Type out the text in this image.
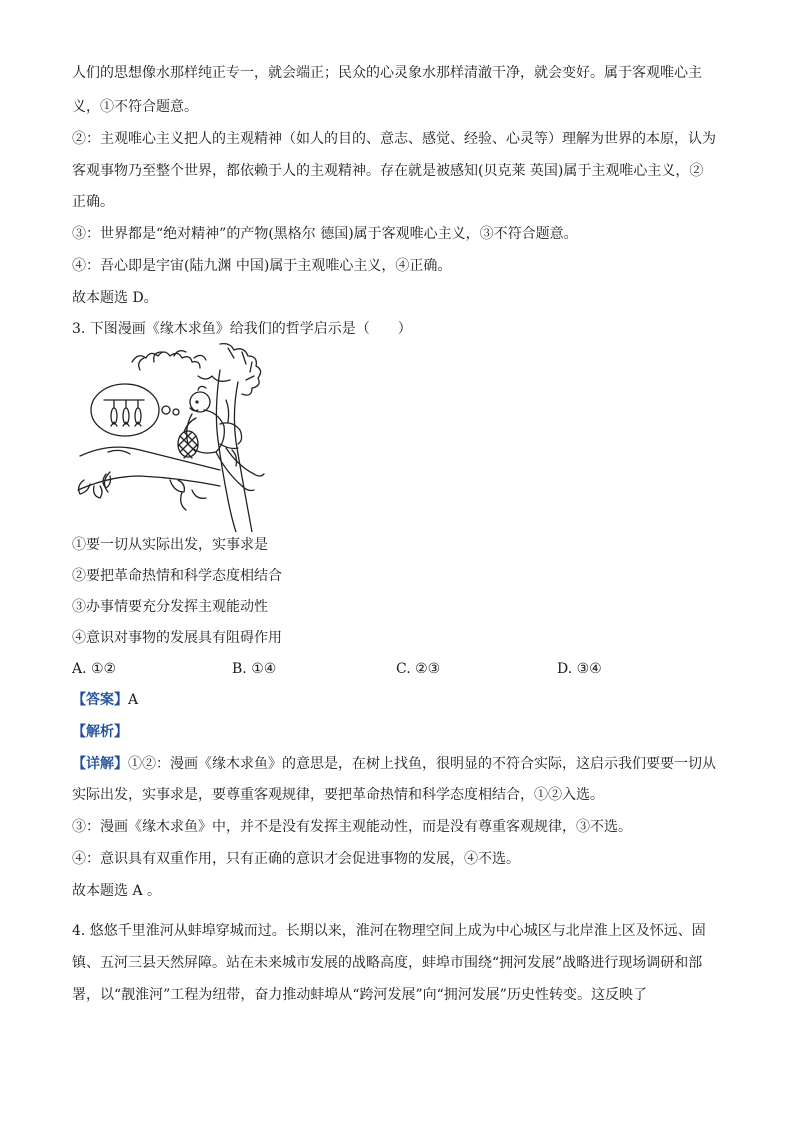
人们的思想像水那样纯正专一，就会端正；民众的心灵象水那样清澈干净，就会变好。属于客观唯心主
义，①不符合题意。
②：主观唯心主义把人的主观精神（如人的目的、意志、感觉、经验、心灵等）理解为世界的本原，认为
客观事物乃至整个世界，都依赖于人的主观精神。存在就是被感知(贝克莱 英国)属于主观唯心主义，②
正确。
③：世界都是“绝对精神”的产物(黑格尔 德国)属于客观唯心主义，③不符合题意。
④：吾心即是宇宙(陆九渊 中国)属于主观唯心主义，④正确。
故本题选 D。
3. 下图漫画《缘木求鱼》给我们的哲学启示是（　　）
①要一切从实际出发，实事求是
②要把革命热情和科学态度相结合
③办事情要充分发挥主观能动性
④意识对事物的发展具有阻碍作用
A. ①②	B. ①④	C. ②③	D. ③④
【答案】A
【解析】
【详解】①②：漫画《缘木求鱼》的意思是，在树上找鱼，很明显的不符合实际，这启示我们要要一切从
实际出发，实事求是，要尊重客观规律，要把革命热情和科学态度相结合，①②入选。
③：漫画《缘木求鱼》中，并不是没有发挥主观能动性，而是没有尊重客观规律，③不选。
④：意识具有双重作用，只有正确的意识才会促进事物的发展，④不选。
故本题选 A 。
4. 悠悠千里淮河从蚌埠穿城而过。长期以来，淮河在物理空间上成为中心城区与北岸淮上区及怀远、固
镇、五河三县天然屏障。站在未来城市发展的战略高度，蚌埠市围绕“拥河发展”战略进行现场调研和部
署，以“靓淮河”工程为纽带，奋力推动蚌埠从“跨河发展”向“拥河发展”历史性转变。这反映了
